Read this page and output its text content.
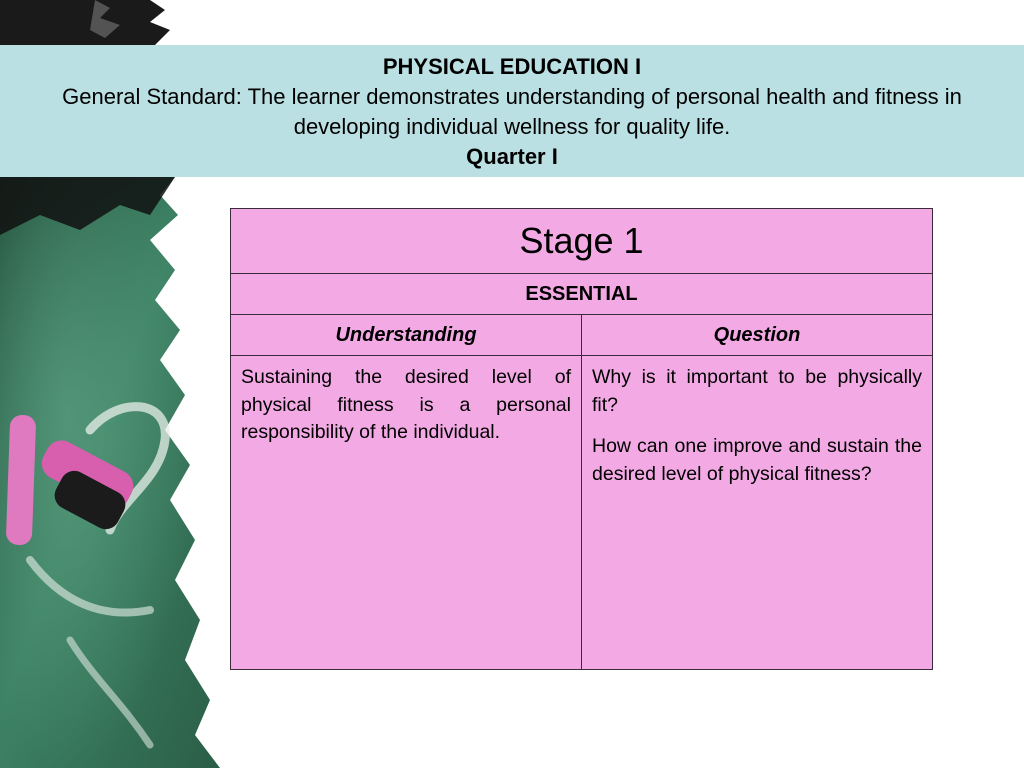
PHYSICAL EDUCATION I
General Standard: The learner demonstrates understanding of personal health and fitness in developing individual wellness for quality life.
Quarter I
Stage 1	
ESSENTIAL	
Understanding	Question

Sustaining the desired level of physical fitness is a personal responsibility of the individual.	Why is it important to be physically fit?

How can one improve and sustain the desired level of physical fitness?
